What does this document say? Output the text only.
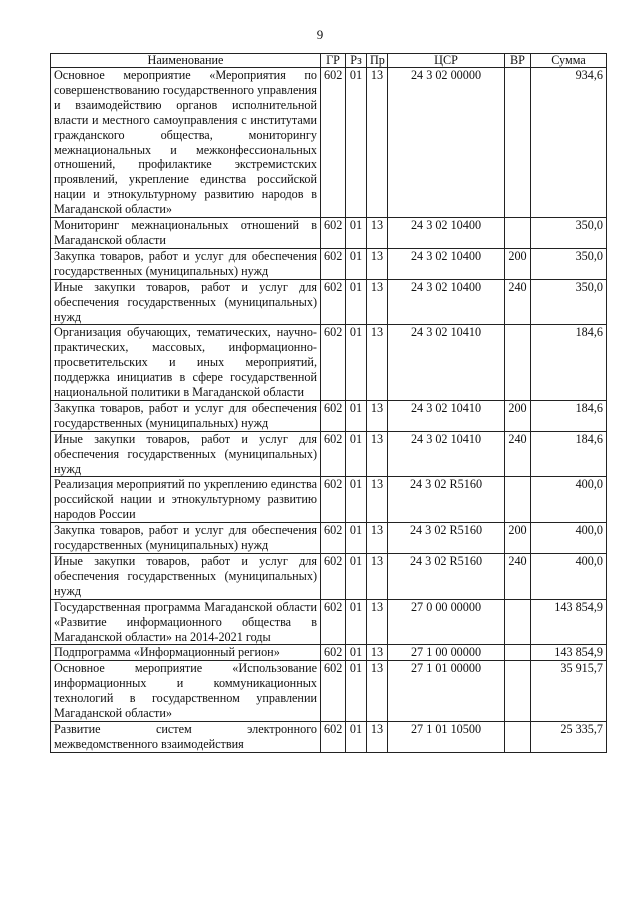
9
Наименование	ГР	Рз	Пр	ЦСР	ВР	Сумма
Основное мероприятие «Мероприятия по совершенствованию государственного управления и взаимодействию органов исполнительной власти и местного самоуправления с институтами гражданского общества, мониторингу межнациональных и межконфессиональных отношений, профилактике экстремистских проявлений, укрепление единства российской нации и этнокультурному развитию народов в Магаданской области»	602	01	13	24 3 02 00000		934,6
Мониторинг межнациональных отношений в Магаданской области	602	01	13	24 3 02 10400		350,0
Закупка товаров, работ и услуг для обеспечения государственных (муниципальных) нужд	602	01	13	24 3 02 10400	200	350,0
Иные закупки товаров, работ и услуг для обеспечения государственных (муниципальных) нужд	602	01	13	24 3 02 10400	240	350,0
Организация обучающих, тематических, научно-практических, массовых, информационно-просветительских и иных мероприятий, поддержка инициатив в сфере государственной национальной политики в Магаданской области	602	01	13	24 3 02 10410		184,6
Закупка товаров, работ и услуг для обеспечения государственных (муниципальных) нужд	602	01	13	24 3 02 10410	200	184,6
Иные закупки товаров, работ и услуг для обеспечения государственных (муниципальных) нужд	602	01	13	24 3 02 10410	240	184,6
Реализация мероприятий по укреплению единства российской нации и этнокультурному развитию народов России	602	01	13	24 3 02 R5160		400,0
Закупка товаров, работ и услуг для обеспечения государственных (муниципальных) нужд	602	01	13	24 3 02 R5160	200	400,0
Иные закупки товаров, работ и услуг для обеспечения государственных (муниципальных) нужд	602	01	13	24 3 02 R5160	240	400,0
Государственная программа Магаданской области «Развитие информационного общества в Магаданской области» на 2014-2021 годы	602	01	13	27 0 00 00000		143 854,9
Подпрограмма «Информационный регион»	602	01	13	27 1 00 00000		143 854,9
Основное мероприятие «Использование информационных и коммуникационных технологий в государственном управлении Магаданской области»	602	01	13	27 1 01 00000		35 915,7
Развитие систем электронного межведомственного взаимодействия	602	01	13	27 1 01 10500		25 335,7
